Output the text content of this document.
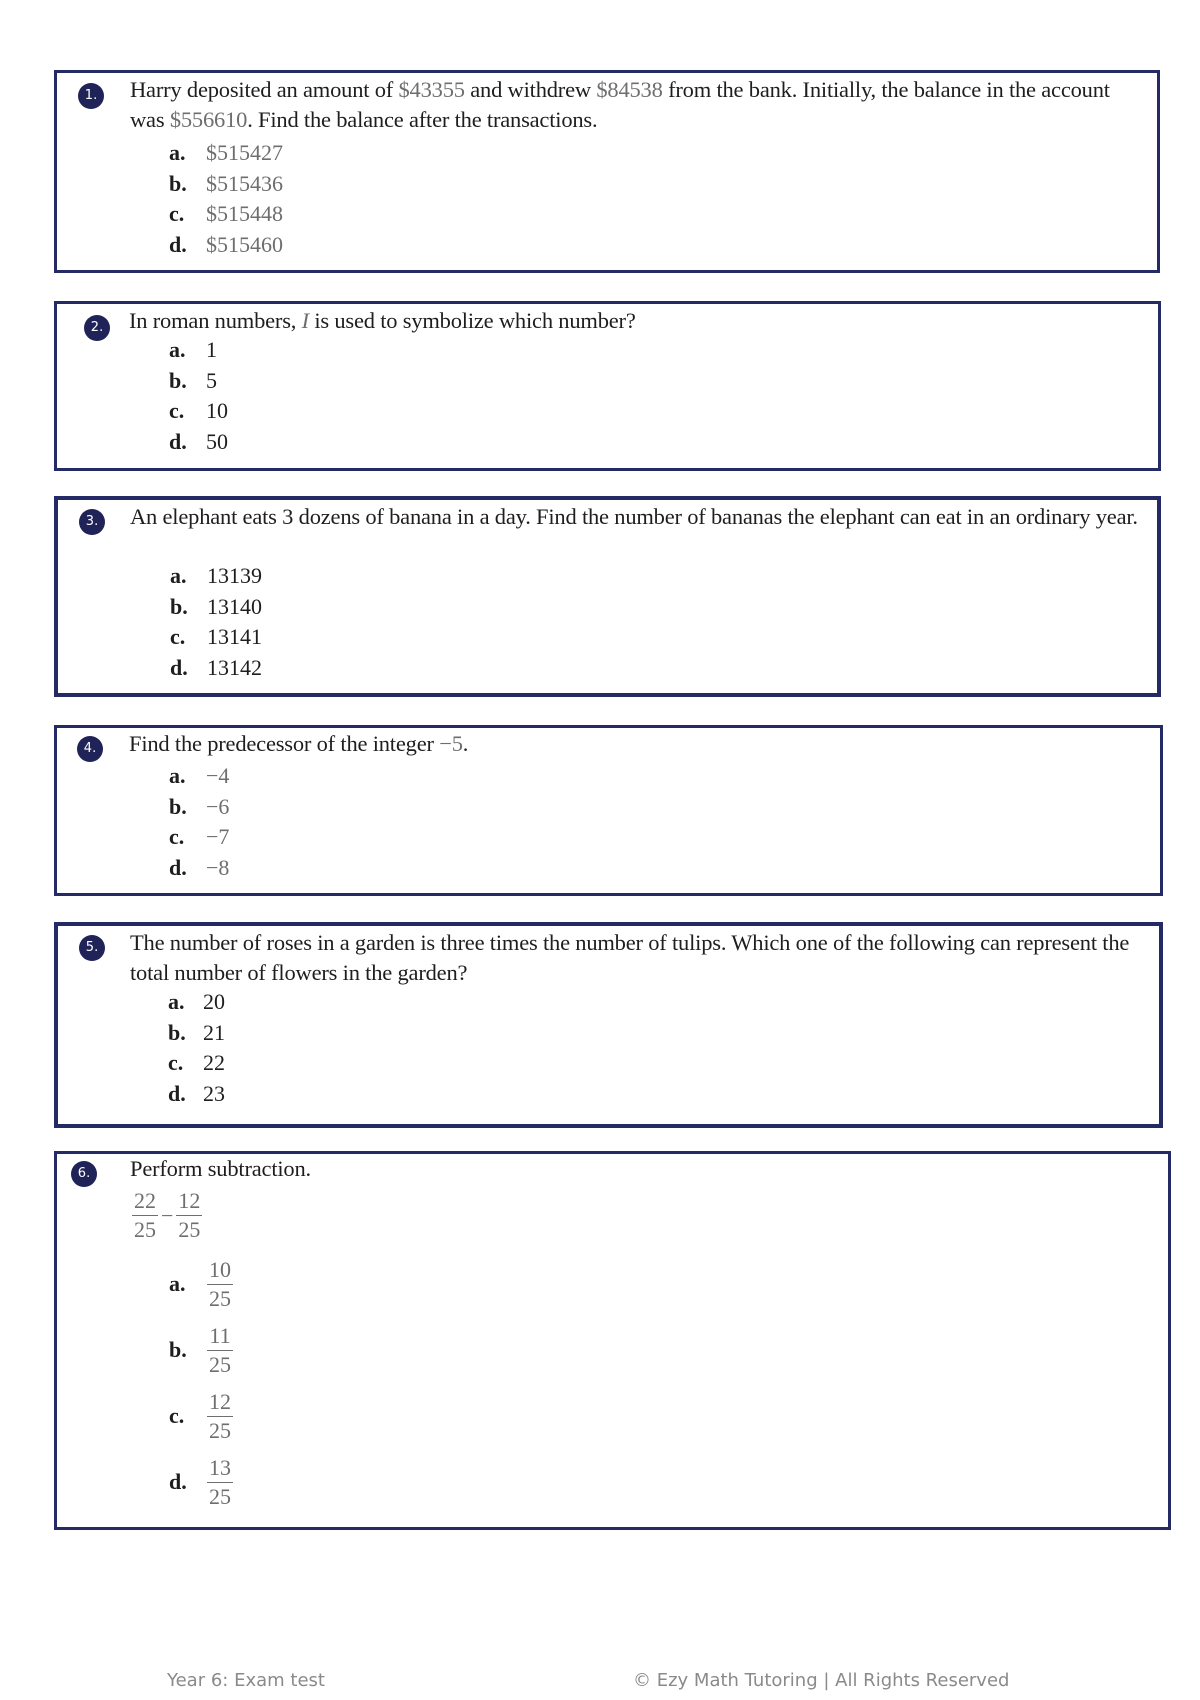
1.	Harry deposited an amount of $43355 and withdrew $84538 from the bank. Initially, the balance in the account was $556610. Find the balance after the transactions.
a. $515427
b. $515436
c. $515448
d. $515460
2.	In roman numbers, I is used to symbolize which number?
a. 1
b. 5
c. 10
d. 50
3.	An elephant eats 3 dozens of banana in a day. Find the number of bananas the elephant can eat in an ordinary year.
a. 13139
b. 13140
c. 13141
d. 13142
4.	Find the predecessor of the integer −5.
a. −4
b. −6
c. −7
d. −8
5.	The number of roses in a garden is three times the number of tulips. Which one of the following can represent the total number of flowers in the garden?
a. 20
b. 21
c. 22
d. 23
6.	Perform subtraction.
$\frac{22}{25} - \frac{12}{25}$
a. $\frac{10}{25}$
b. $\frac{11}{25}$
c.	$\frac{12}{25}$
d. $\frac{13}{25}$
Year 6: Exam test	© Ezy Math Tutoring | All Rights Reserved
